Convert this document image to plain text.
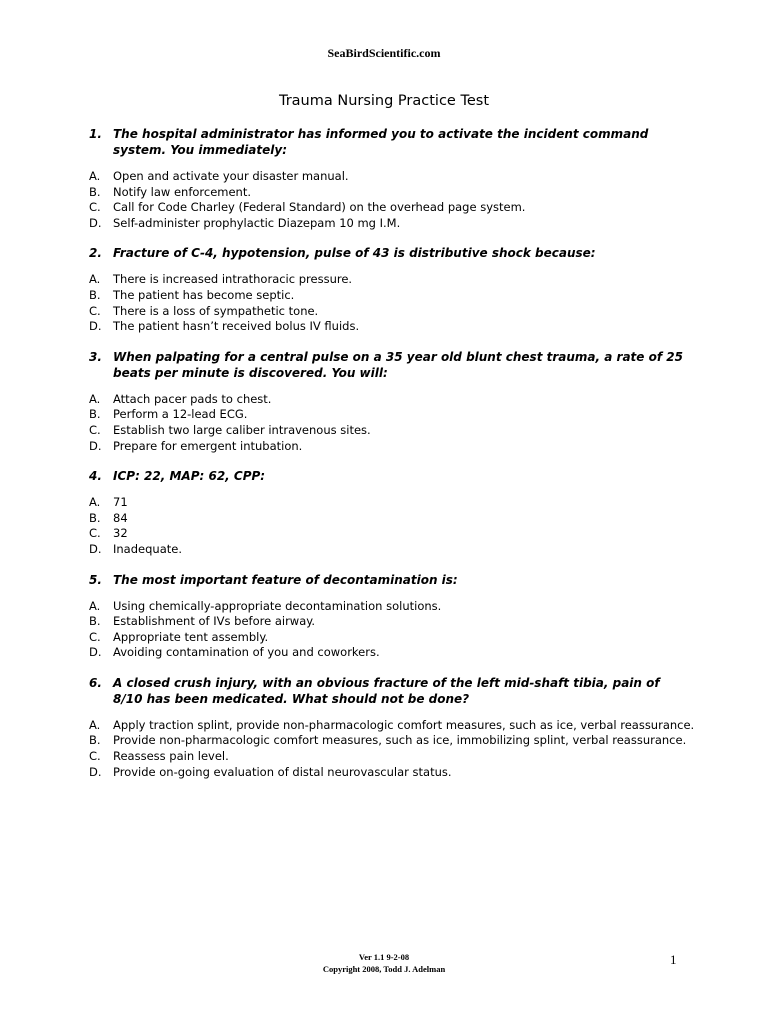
SeaBirdScientific.com
Trauma Nursing Practice Test
1. The hospital administrator has informed you to activate the incident command system. You immediately:
A.	Open and activate your disaster manual.
B.	Notify law enforcement.
C.	Call for Code Charley (Federal Standard) on the overhead page system.
D. Self-administer prophylactic Diazepam 10 mg I.M.
2. Fracture of C-4, hypotension, pulse of 43 is distributive shock because:
A.	There is increased intrathoracic pressure.
B.	The patient has become septic.
C.	There is a loss of sympathetic tone.
D. The patient hasn’t received bolus IV fluids.
3. When palpating for a central pulse on a 35 year old blunt chest trauma, a rate of 25 beats per minute is discovered. You will:
A.	Attach pacer pads to chest.
B.	Perform a 12-lead ECG.
C.	Establish two large caliber intravenous sites.
D. Prepare for emergent intubation.
4. ICP: 22, MAP: 62, CPP:
A.	71
B.	84
C.	32
D. Inadequate.
5. The most important feature of decontamination is:
A.	Using chemically-appropriate decontamination solutions.
B.	Establishment of IVs before airway.
C.	Appropriate tent assembly.
D. Avoiding contamination of you and coworkers.
6. A closed crush injury, with an obvious fracture of the left mid-shaft tibia, pain of 8/10 has been medicated. What should not be done?
A.	Apply traction splint, provide non-pharmacologic comfort measures, such as ice, verbal reassurance.
B.	Provide non-pharmacologic comfort measures, such as ice, immobilizing splint, verbal reassurance.
C.	Reassess pain level.
D. Provide on-going evaluation of distal neurovascular status.
Ver 1.1 9-2-08
Copyright 2008, Todd J. Adelman
1
